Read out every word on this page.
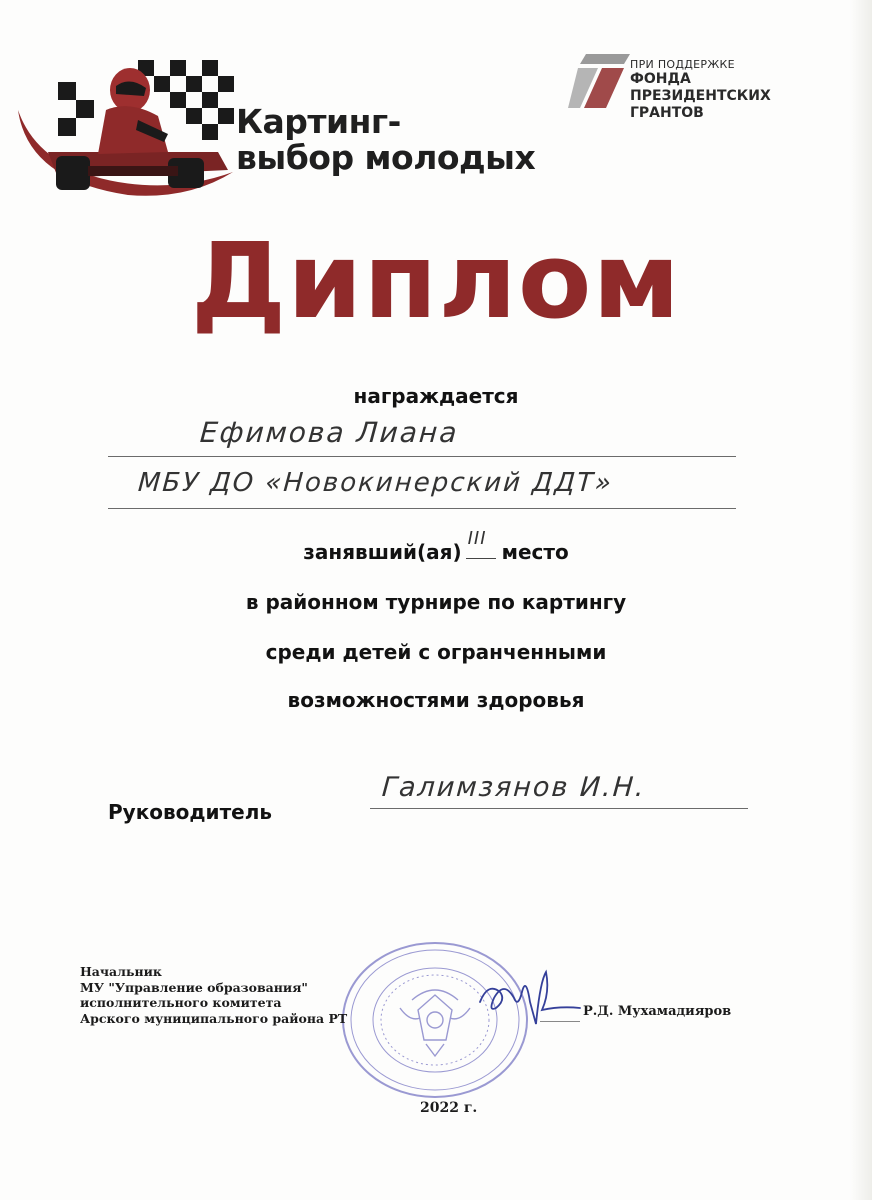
Картинг-
выбор молодых
ПРИ ПОДДЕРЖКЕ
ФОНДА
ПРЕЗИДЕНТСКИХ
ГРАНТОВ
Диплом
награждается
Ефимова Лиана
МБУ ДО «Новокинерский ДДТ»
занявший(ая)
III
место
в районном турнире по картингу
среди детей с огранченными
возможностями здоровья
Руководитель
Галимзянов И.Н.
Начальник
МУ "Управление образования"
исполнительного комитета
Арского муниципального района РТ	Р.Д. Мухамадияров
2022 г.
